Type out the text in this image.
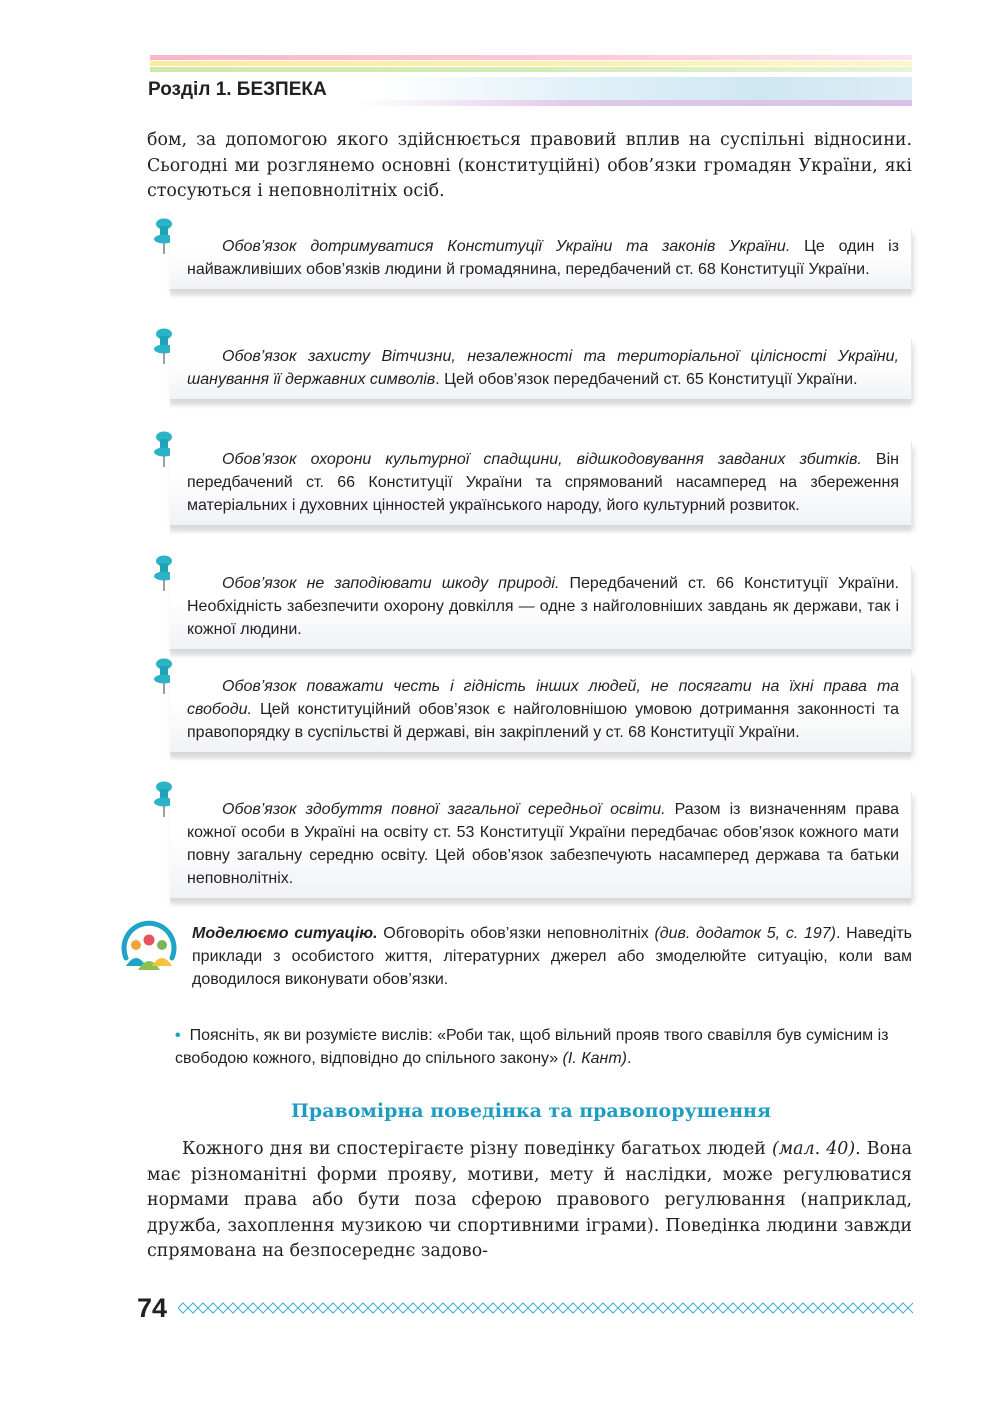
Розділ 1. БЕЗПЕКА

бом, за допомогою якого здійснюється правовий вплив на суспільні відносини. Сьогодні ми розглянемо основні (конституційні) обов’язки громадян України, які стосуються і неповнолітніх осіб.

Обов’язок дотримуватися Конституції України та законів України. Це один із найважливіших обов’язків людини й громадянина, передбачений ст. 68 Конституції України.

Обов’язок захисту Вітчизни, незалежності та територіальної цілісності України, шанування її державних символів. Цей обов’язок передбачений ст. 65 Конституції України.

Обов’язок охорони культурної спадщини, відшкодовування завданих збитків. Він передбачений ст. 66 Конституції України та спрямований насамперед на збереження матеріальних і духовних цінностей українського народу, його культурний розвиток.

Обов’язок не заподіювати шкоду природі. Передбачений ст. 66 Конституції України. Необхідність забезпечити охорону довкілля — одне з найголовніших завдань як держави, так і кожної людини.

Обов’язок поважати честь і гідність інших людей, не посягати на їхні права та свободи. Цей конституційний обов’язок є найголовнішою умовою дотримання законності та правопорядку в суспільстві й державі, він закріплений у ст. 68 Конституції України.

Обов’язок здобуття повної загальної середньої освіти. Разом із визначенням права кожної особи в Україні на освіту ст. 53 Конституції України передбачає обов’язок кожного мати повну загальну середню освіту. Цей обов’язок забезпечують насамперед держава та батьки неповнолітніх.

Моделюємо ситуацію. Обговоріть обов’язки неповнолітніх (див. додаток 5, с. 197). Наведіть приклади з особистого життя, літературних джерел або змоделюйте ситуацію, коли вам доводилося виконувати обов’язки.

• Поясніть, як ви розумієте вислів: «Роби так, щоб вільний прояв твого свавілля був сумісним із свободою кожного, відповідно до спільного закону» (І. Кант).

Правомірна поведінка та правопорушення

Кожного дня ви спостерігаєте різну поведінку багатьох людей (мал. 40). Вона має різноманітні форми прояву, мотиви, мету й наслідки, може регулюватися нормами права або бути поза сферою правового регулювання (наприклад, дружба, захоплення музикою чи спортивними іграми). Поведінка людини завжди спрямована на безпосереднє задово-

74
